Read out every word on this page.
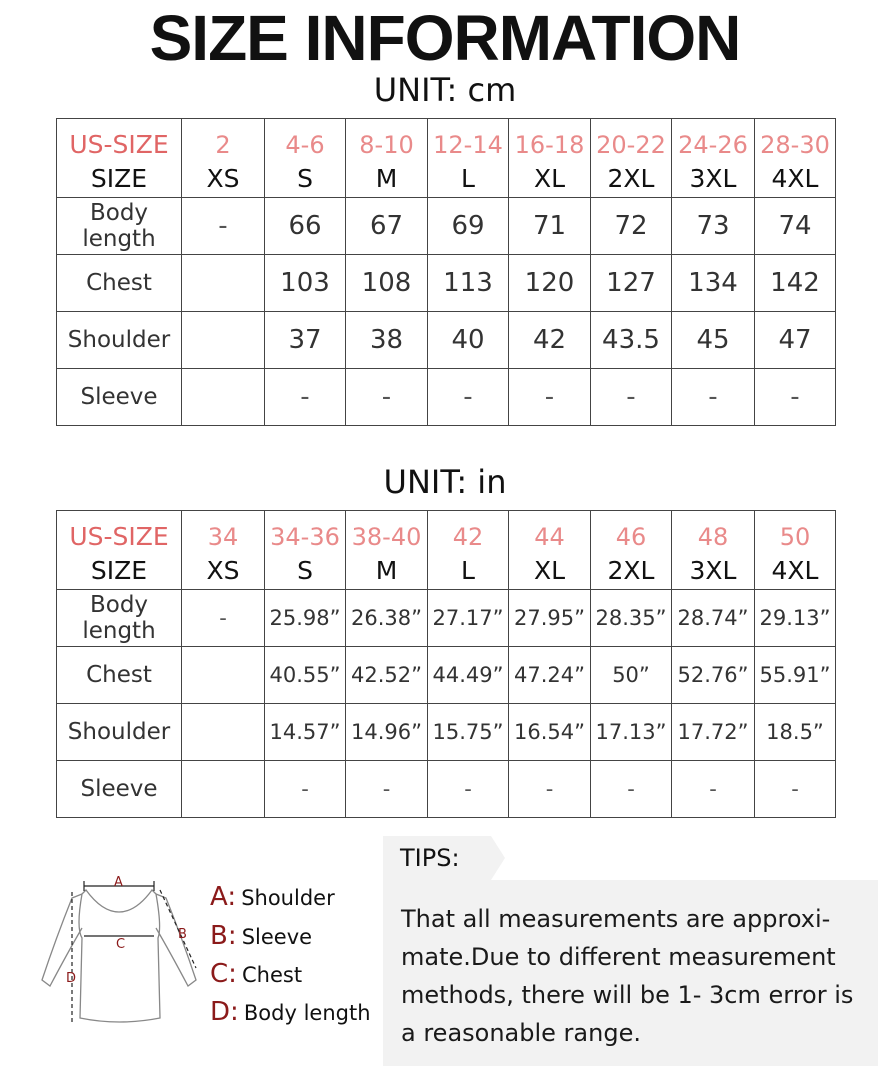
SIZE INFORMATION
UNIT: cm
US-SIZE	2	4-6	8-10	12-14	16-18	20-22	24-26	28-30
SIZE	XS	S	M	L	XL	2XL	3XL	4XL
Body length	-	66	67	69	71	72	73	74
Chest		103	108	113	120	127	134	142
Shoulder		37	38	40	42	43.5	45	47
Sleeve		-	-	-	-	-	-	-
UNIT: in
US-SIZE	34	34-36	38-40	42	44	46	48	50
SIZE	XS	S	M	L	XL	2XL	3XL	4XL
Body length	-	25.98”	26.38”	27.17”	27.95”	28.35”	28.74”	29.13”
Chest		40.55”	42.52”	44.49”	47.24”	50”	52.76”	55.91”
Shoulder		14.57”	14.96”	15.75”	16.54”	17.13”	17.72”	18.5”
Sleeve		-	-	-	-	-	-	-
A
B
C
D
A: Shoulder
B: Sleeve
C: Chest
D: Body length
TIPS:
That all measurements are approxi-
mate.Due to different measurement
methods, there will be 1- 3cm error is
a reasonable range.
